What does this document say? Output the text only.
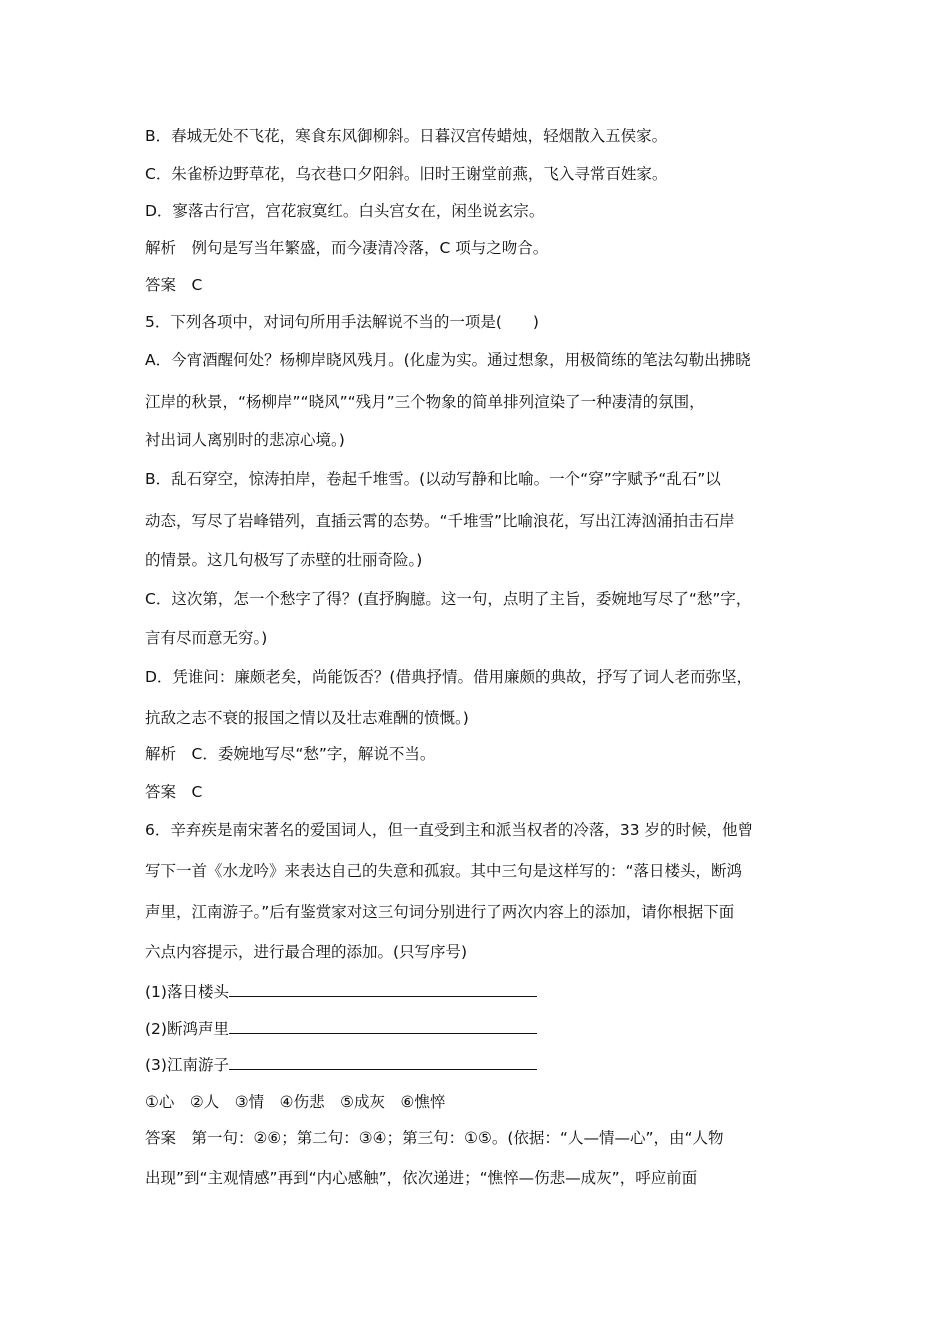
B．春城无处不飞花，寒食东风御柳斜。日暮汉宫传蜡烛，轻烟散入五侯家。
C．朱雀桥边野草花，乌衣巷口夕阳斜。旧时王谢堂前燕，飞入寻常百姓家。
D．寥落古行宫，宫花寂寞红。白头宫女在，闲坐说玄宗。
解析　例句是写当年繁盛，而今凄清冷落，C 项与之吻合。
答案　C
5．下列各项中，对词句所用手法解说不当的一项是(　　)
A．今宵酒醒何处？杨柳岸晓风残月。(化虚为实。通过想象，用极简练的笔法勾勒出拂晓
江岸的秋景，“杨柳岸”“晓风”“残月”三个物象的简单排列渲染了一种凄清的氛围，
衬出词人离别时的悲凉心境。)
B．乱石穿空，惊涛拍岸，卷起千堆雪。(以动写静和比喻。一个“穿”字赋予“乱石”以
动态，写尽了岩峰错列，直插云霄的态势。“千堆雪”比喻浪花，写出江涛汹涌拍击石岸
的情景。这几句极写了赤壁的壮丽奇险。)
C．这次第，怎一个愁字了得？(直抒胸臆。这一句，点明了主旨，委婉地写尽了“愁”字，
言有尽而意无穷。)
D．凭谁问：廉颇老矣，尚能饭否？(借典抒情。借用廉颇的典故，抒写了词人老而弥坚，
抗敌之志不衰的报国之情以及壮志难酬的愤慨。)
解析　C．委婉地写尽“愁”字，解说不当。
答案　C
6．辛弃疾是南宋著名的爱国词人，但一直受到主和派当权者的冷落，33 岁的时候，他曾
写下一首《水龙吟》来表达自己的失意和孤寂。其中三句是这样写的：“落日楼头，断鸿
声里，江南游子。”后有鉴赏家对这三句词分别进行了两次内容上的添加，请你根据下面
六点内容提示，进行最合理的添加。(只写序号)
(1)落日楼头
(2)断鸿声里
(3)江南游子
①心　②人　③情　④伤悲　⑤成灰　⑥憔悴
答案　第一句：②⑥；第二句：③④；第三句：①⑤。(依据：“人—情—心”，由“人物
出现”到“主观情感”再到“内心感触”，依次递进；“憔悴—伤悲—成灰”，呼应前面
